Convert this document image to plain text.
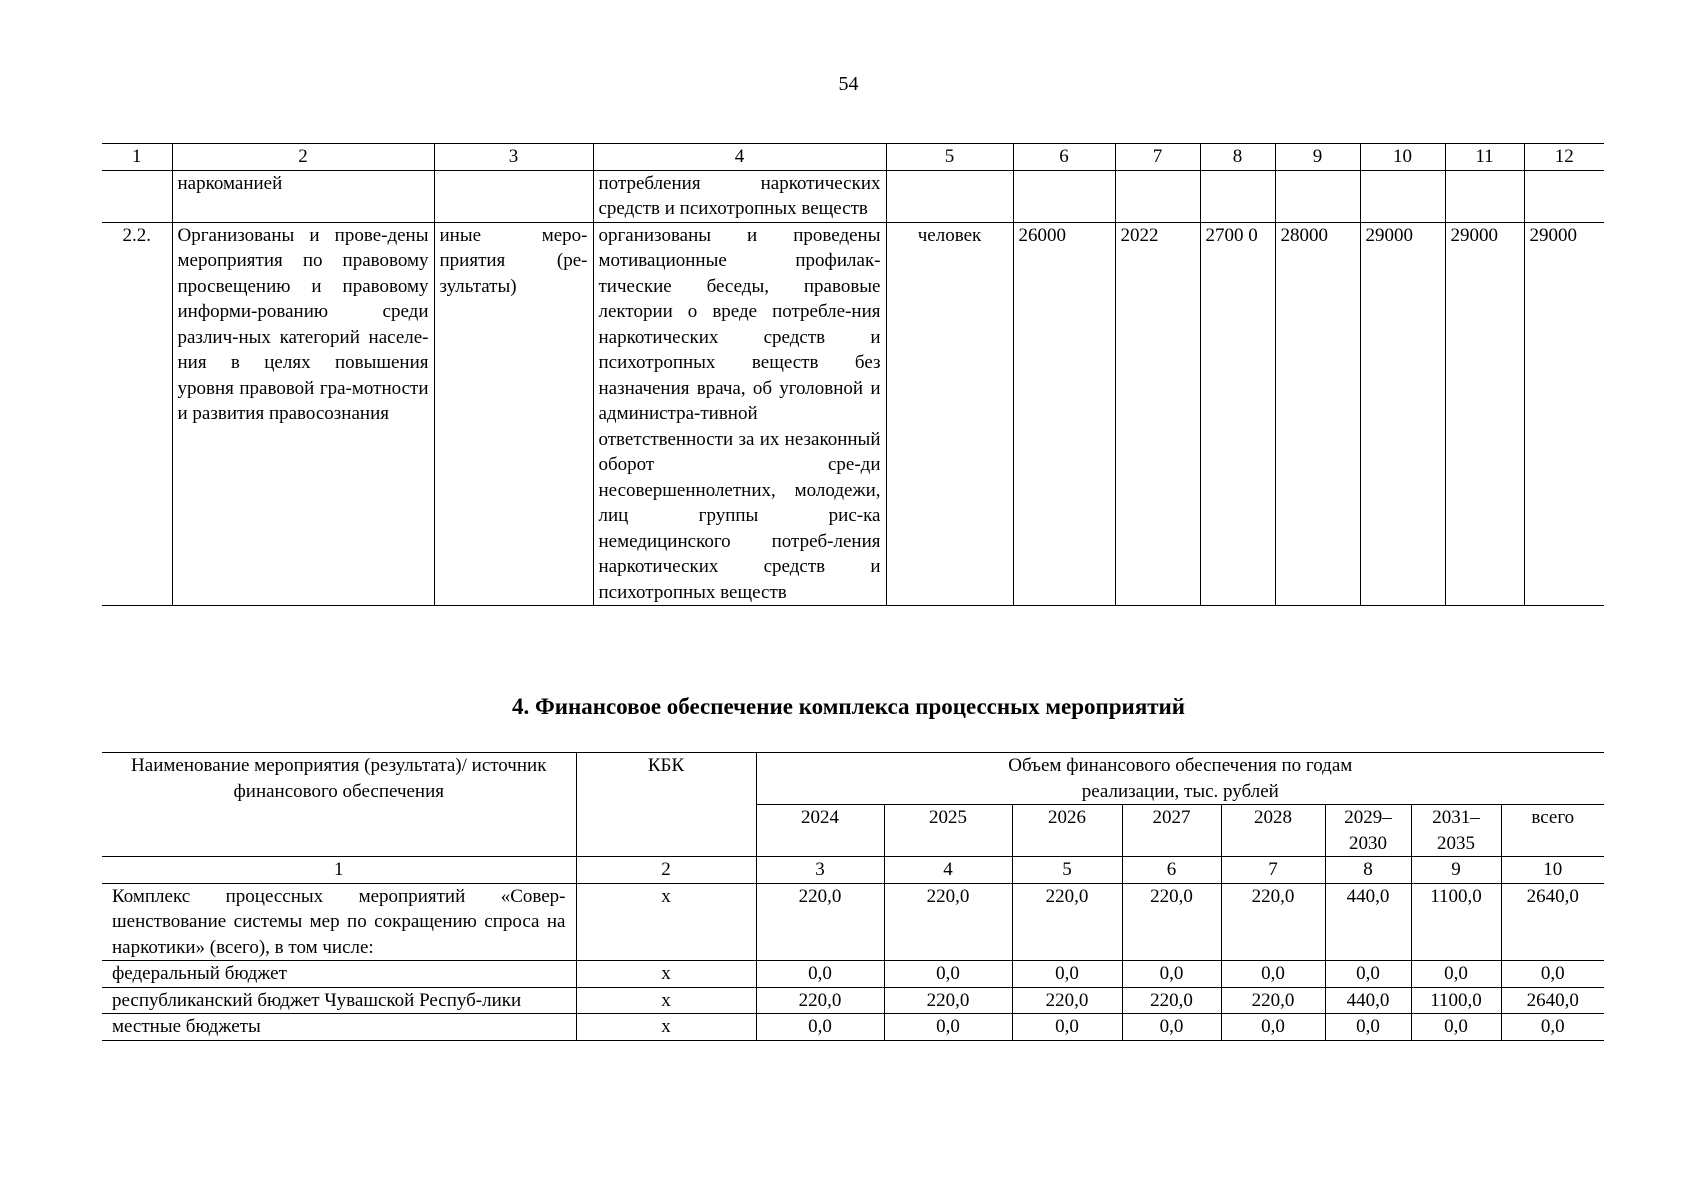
54
1	2	3	4	5	6	7	8	9	10	11	12
	наркоманией		потребления наркотических средств и психотропных веществ								
2.2.	Организованы и прове-дены мероприятия по правовому просвещению и правовому информи-рованию среди различ-ных категорий населе-ния в целях повышения уровня правовой гра-мотности и развития правосознания	иные меро-приятия (ре-зультаты)	организованы и проведены мотивационные профилак-тические беседы, правовые лектории о вреде потребле-ния наркотических средств и психотропных веществ без назначения врача, об уголовной и администра-тивной ответственности за их незаконный оборот сре-ди несовершеннолетних, молодежи, лиц группы рис-ка немедицинского потреб-ления наркотических средств и психотропных веществ	человек	26000	2022	2700 0	28000	29000	29000	29000
4. Финансовое обеспечение комплекса процессных мероприятий
Наименование мероприятия (результата)/ источник финансового обеспечения	КБК	Объем финансового обеспечения по годам реализации, тыс. рублей							
		2024	2025	2026	2027	2028	2029– 2030	2031– 2035	всего
1	2	3	4	5	6	7	8	9	10
Комплекс процессных мероприятий «Совер-шенствование системы мер по сокращению спроса на наркотики» (всего), в том числе:	x	220,0	220,0	220,0	220,0	220,0	440,0	1100,0	2640,0
федеральный бюджет	x	0,0	0,0	0,0	0,0	0,0	0,0	0,0	0,0
республиканский бюджет Чувашской Респуб-лики	x	220,0	220,0	220,0	220,0	220,0	440,0	1100,0	2640,0
местные бюджеты	x	0,0	0,0	0,0	0,0	0,0	0,0	0,0	0,0
